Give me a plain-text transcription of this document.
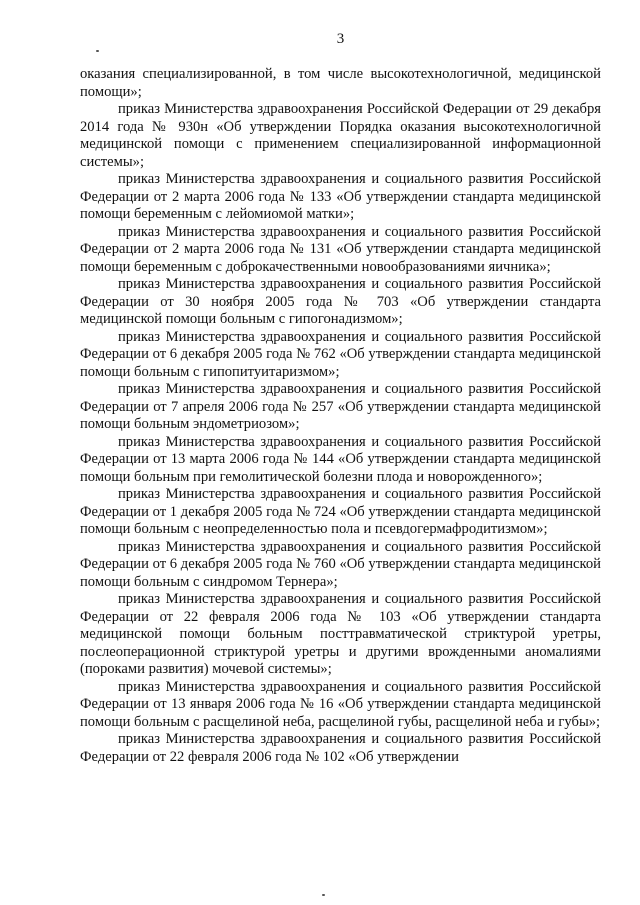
3

оказания специализированной, в том числе высокотехнологичной, медицинской помощи»;

приказ Министерства здравоохранения Российской Федерации от 29 декабря 2014 года № 930н «Об утверждении Порядка оказания высокотехнологичной медицинской помощи с применением специализированной информационной системы»;

приказ Министерства здравоохранения и социального развития Российской Федерации от 2 марта 2006 года № 133 «Об утверждении стандарта медицинской помощи беременным с лейомиомой матки»;

приказ Министерства здравоохранения и социального развития Российской Федерации от 2 марта 2006 года № 131 «Об утверждении стандарта медицинской помощи беременным с доброкачественными новообразованиями яичника»;

приказ Министерства здравоохранения и социального развития Российской Федерации от 30 ноября 2005 года № 703 «Об утверждении стандарта медицинской помощи больным с гипогонадизмом»;

приказ Министерства здравоохранения и социального развития Российской Федерации от 6 декабря 2005 года № 762 «Об утверждении стандарта медицинской помощи больным с гипопитуитаризмом»;

приказ Министерства здравоохранения и социального развития Российской Федерации от 7 апреля 2006 года № 257 «Об утверждении стандарта медицинской помощи больным эндометриозом»;

приказ Министерства здравоохранения и социального развития Российской Федерации от 13 марта 2006 года № 144 «Об утверждении стандарта медицинской помощи больным при гемолитической болезни плода и новорожденного»;

приказ Министерства здравоохранения и социального развития Российской Федерации от 1 декабря 2005 года № 724 «Об утверждении стандарта медицинской помощи больным с неопределенностью пола и псевдогермафродитизмом»;

приказ Министерства здравоохранения и социального развития Российской Федерации от 6 декабря 2005 года № 760 «Об утверждении стандарта медицинской помощи больным с синдромом Тернера»;

приказ Министерства здравоохранения и социального развития Российской Федерации от 22 февраля 2006 года № 103 «Об утверждении стандарта медицинской помощи больным посттравматической стриктурой уретры, послеоперационной стриктурой уретры и другими врожденными аномалиями (пороками развития) мочевой системы»;

приказ Министерства здравоохранения и социального развития Российской Федерации от 13 января 2006 года № 16 «Об утверждении стандарта медицинской помощи больным с расщелиной неба, расщелиной губы, расщелиной неба и губы»;

приказ Министерства здравоохранения и социального развития Российской Федерации от 22 февраля 2006 года № 102 «Об утверждении
